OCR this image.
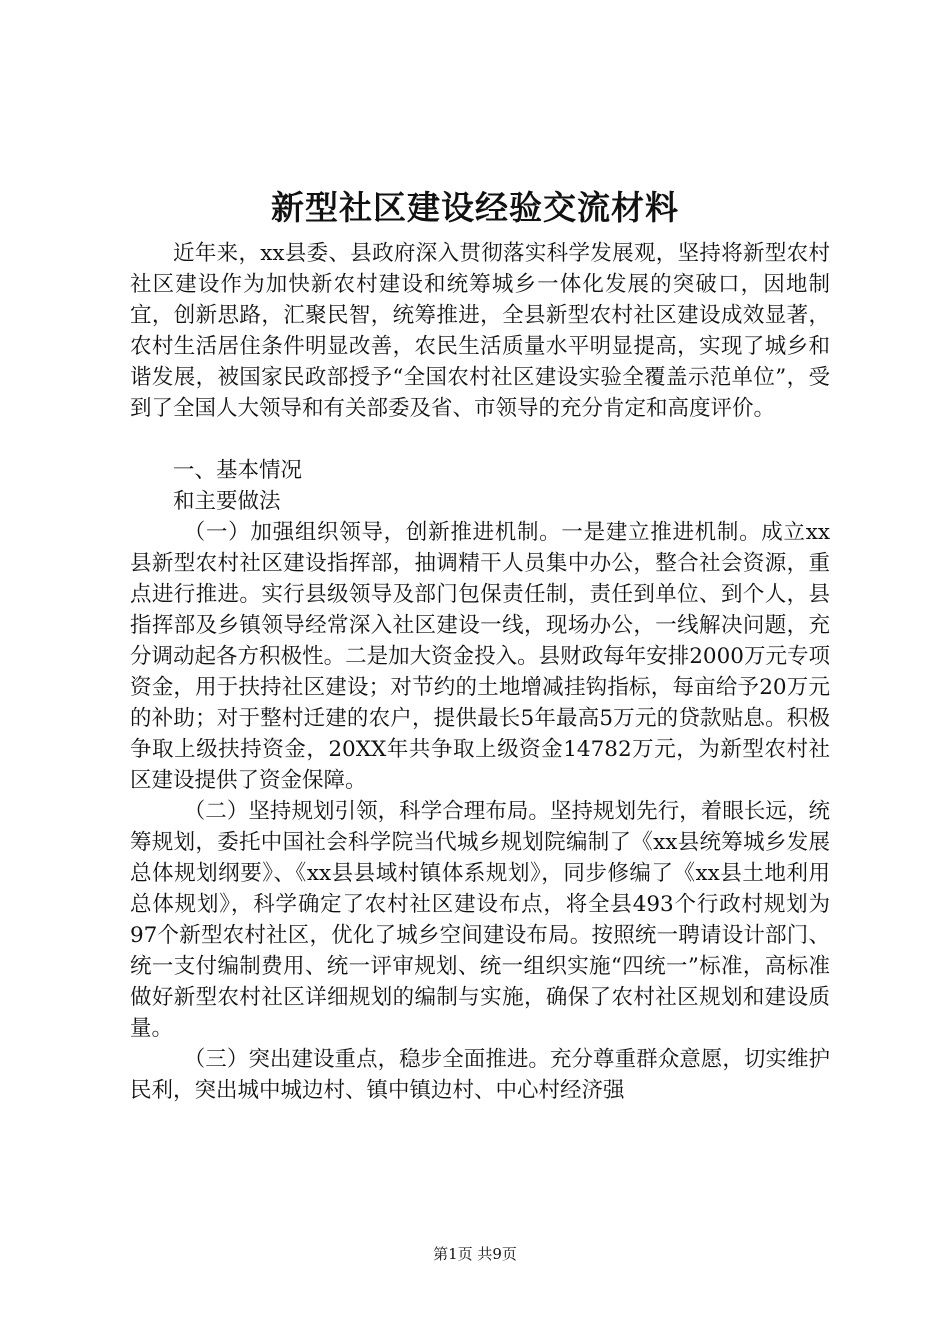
新型社区建设经验交流材料

近年来，xx县委、县政府深入贯彻落实科学发展观，坚持将新型农村社区建设作为加快新农村建设和统筹城乡一体化发展的突破口，因地制宜，创新思路，汇聚民智，统筹推进，全县新型农村社区建设成效显著，农村生活居住条件明显改善，农民生活质量水平明显提高，实现了城乡和谐发展，被国家民政部授予“全国农村社区建设实验全覆盖示范单位”，受到了全国人大领导和有关部委及省、市领导的充分肯定和高度评价。

一、基本情况

和主要做法

（一）加强组织领导，创新推进机制。一是建立推进机制。成立xx县新型农村社区建设指挥部，抽调精干人员集中办公，整合社会资源，重点进行推进。实行县级领导及部门包保责任制，责任到单位、到个人，县指挥部及乡镇领导经常深入社区建设一线，现场办公，一线解决问题，充分调动起各方积极性。二是加大资金投入。县财政每年安排2000万元专项资金，用于扶持社区建设；对节约的土地增减挂钩指标，每亩给予20万元的补助；对于整村迁建的农户，提供最长5年最高5万元的贷款贴息。积极争取上级扶持资金，20XX年共争取上级资金14782万元，为新型农村社区建设提供了资金保障。

（二）坚持规划引领，科学合理布局。坚持规划先行，着眼长远，统筹规划，委托中国社会科学院当代城乡规划院编制了《xx县统筹城乡发展总体规划纲要》、《xx县县域村镇体系规划》，同步修编了《xx县土地利用总体规划》，科学确定了农村社区建设布点，将全县493个行政村规划为97个新型农村社区，优化了城乡空间建设布局。按照统一聘请设计部门、统一支付编制费用、统一评审规划、统一组织实施“四统一”标准，高标准做好新型农村社区详细规划的编制与实施，确保了农村社区规划和建设质量。

（三）突出建设重点，稳步全面推进。充分尊重群众意愿，切实维护民利，突出城中城边村、镇中镇边村、中心村经济强

第1页 共9页
